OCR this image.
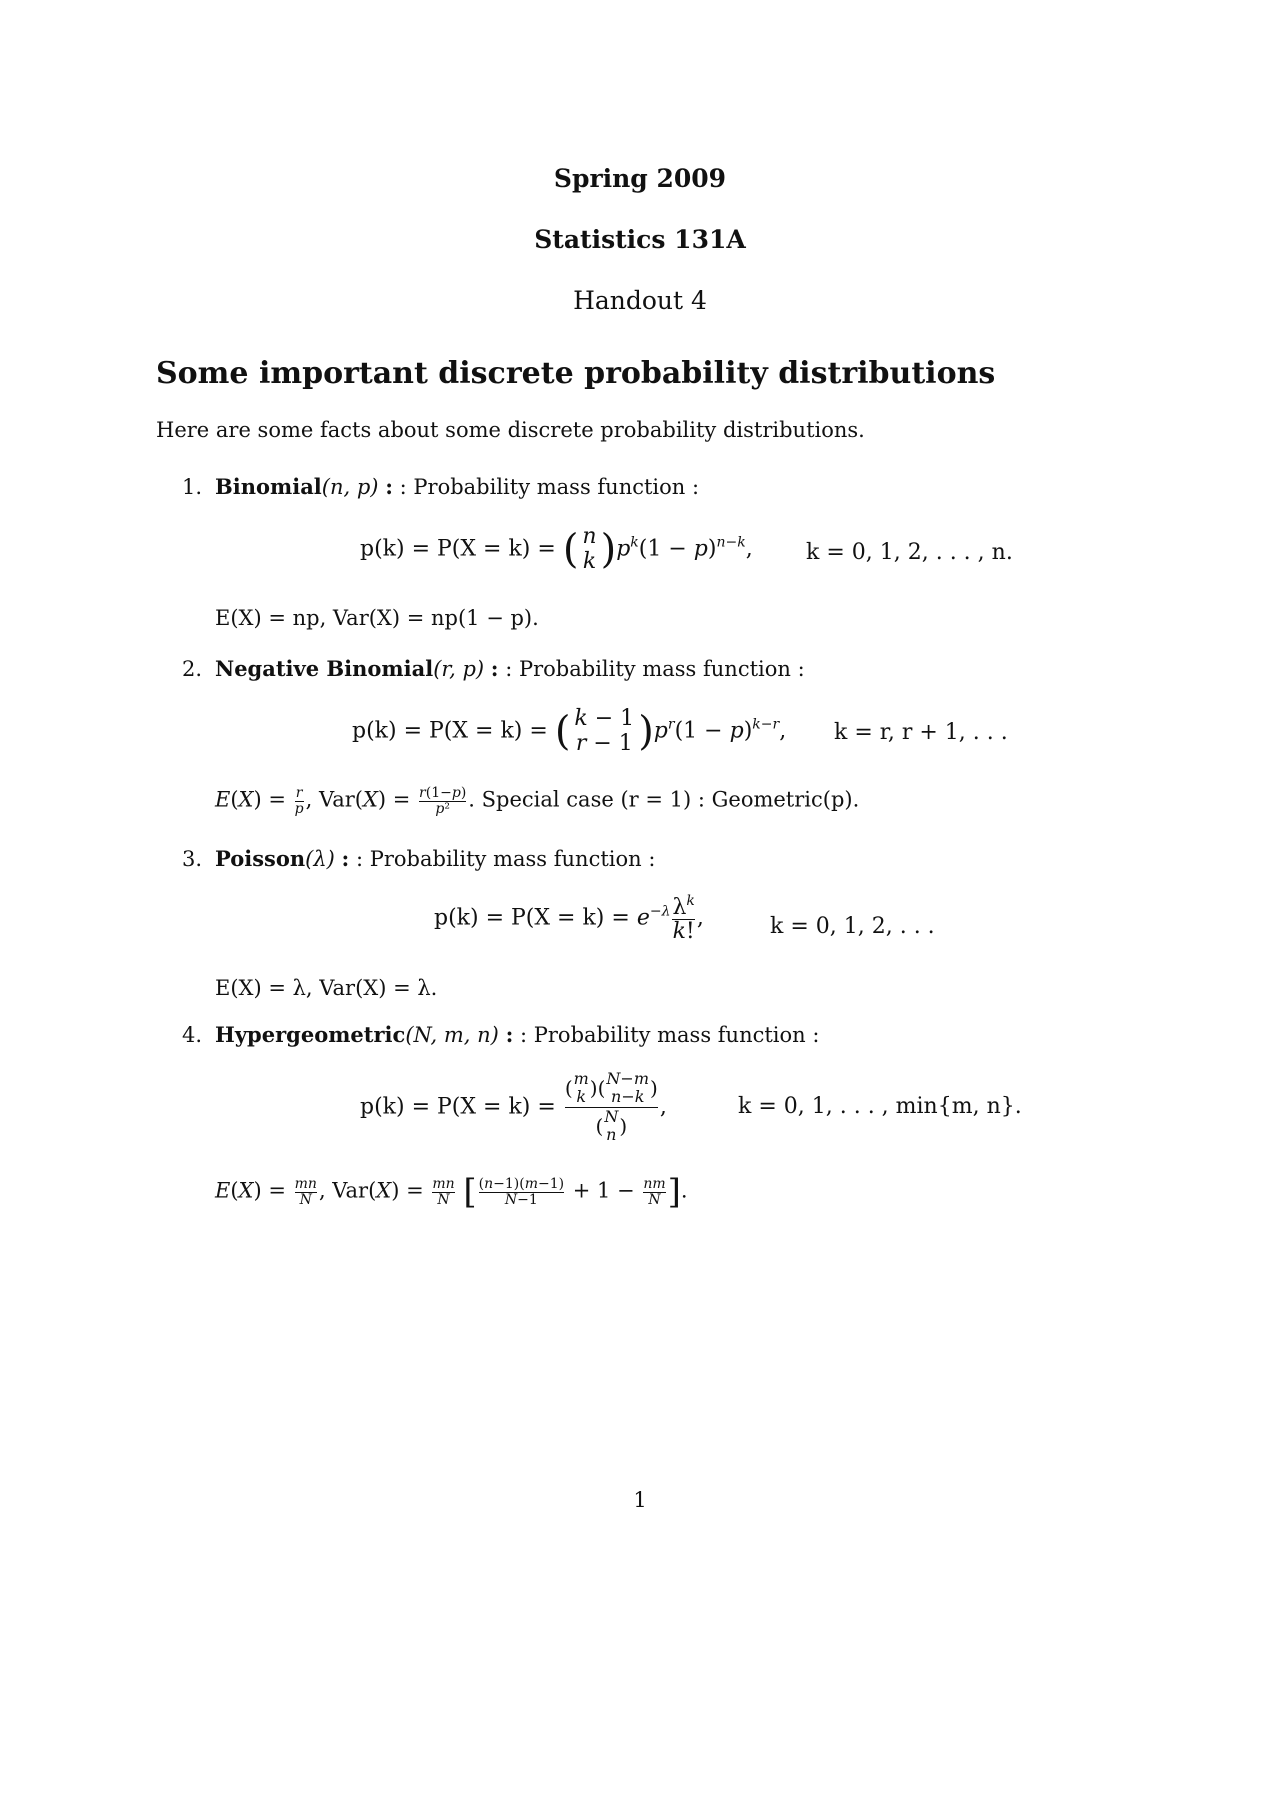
Spring 2009
Statistics 131A
Handout 4
Some important discrete probability distributions
Here are some facts about some discrete probability distributions.
1. Binomial(n, p) : : Probability mass function :
p(k) = P(X = k) = ( n
k )$p^k(1 - p)^{n-k}$, k = 0, 1, 2, . . . , n.
E(X) = np, Var(X) = np(1 − p).
2. Negative Binomial(r, p) : : Probability mass function :
p(k) = P(X = k) = ( k − 1
r − 1 )$p^r(1 - p)^{k-r}$, k = r, r + 1, . . .
$E(X) = \frac{r}{p}$ , $Var(X) = \frac{r(1-p)}{\text{p²}}$ . Special case (r = 1) : Geometric(p).
3. Poisson(λ) : : Probability mass function :
$p(k) = P(X = k) = e^{-\lambda} \frac{\lambda^k}{k!}$ ,	k = 0, 1, 2, . . .
E(X) = λ, Var(X) = λ.
4. Hypergeometric(N, m, n) : : Probability mass function :
p(k) = P(X = k) = ( m
k )( N−m
n−k )
( N
n ) ,	k = 0, 1, . . . , min{m, n}.
$E(X) = \frac{mn}{N}$ , $Var(X) = \frac{mn}{N}$ [ $\frac{(n-1)(m-1)}{N-1} + 1 - \frac{nm}{N}$ ].
1
